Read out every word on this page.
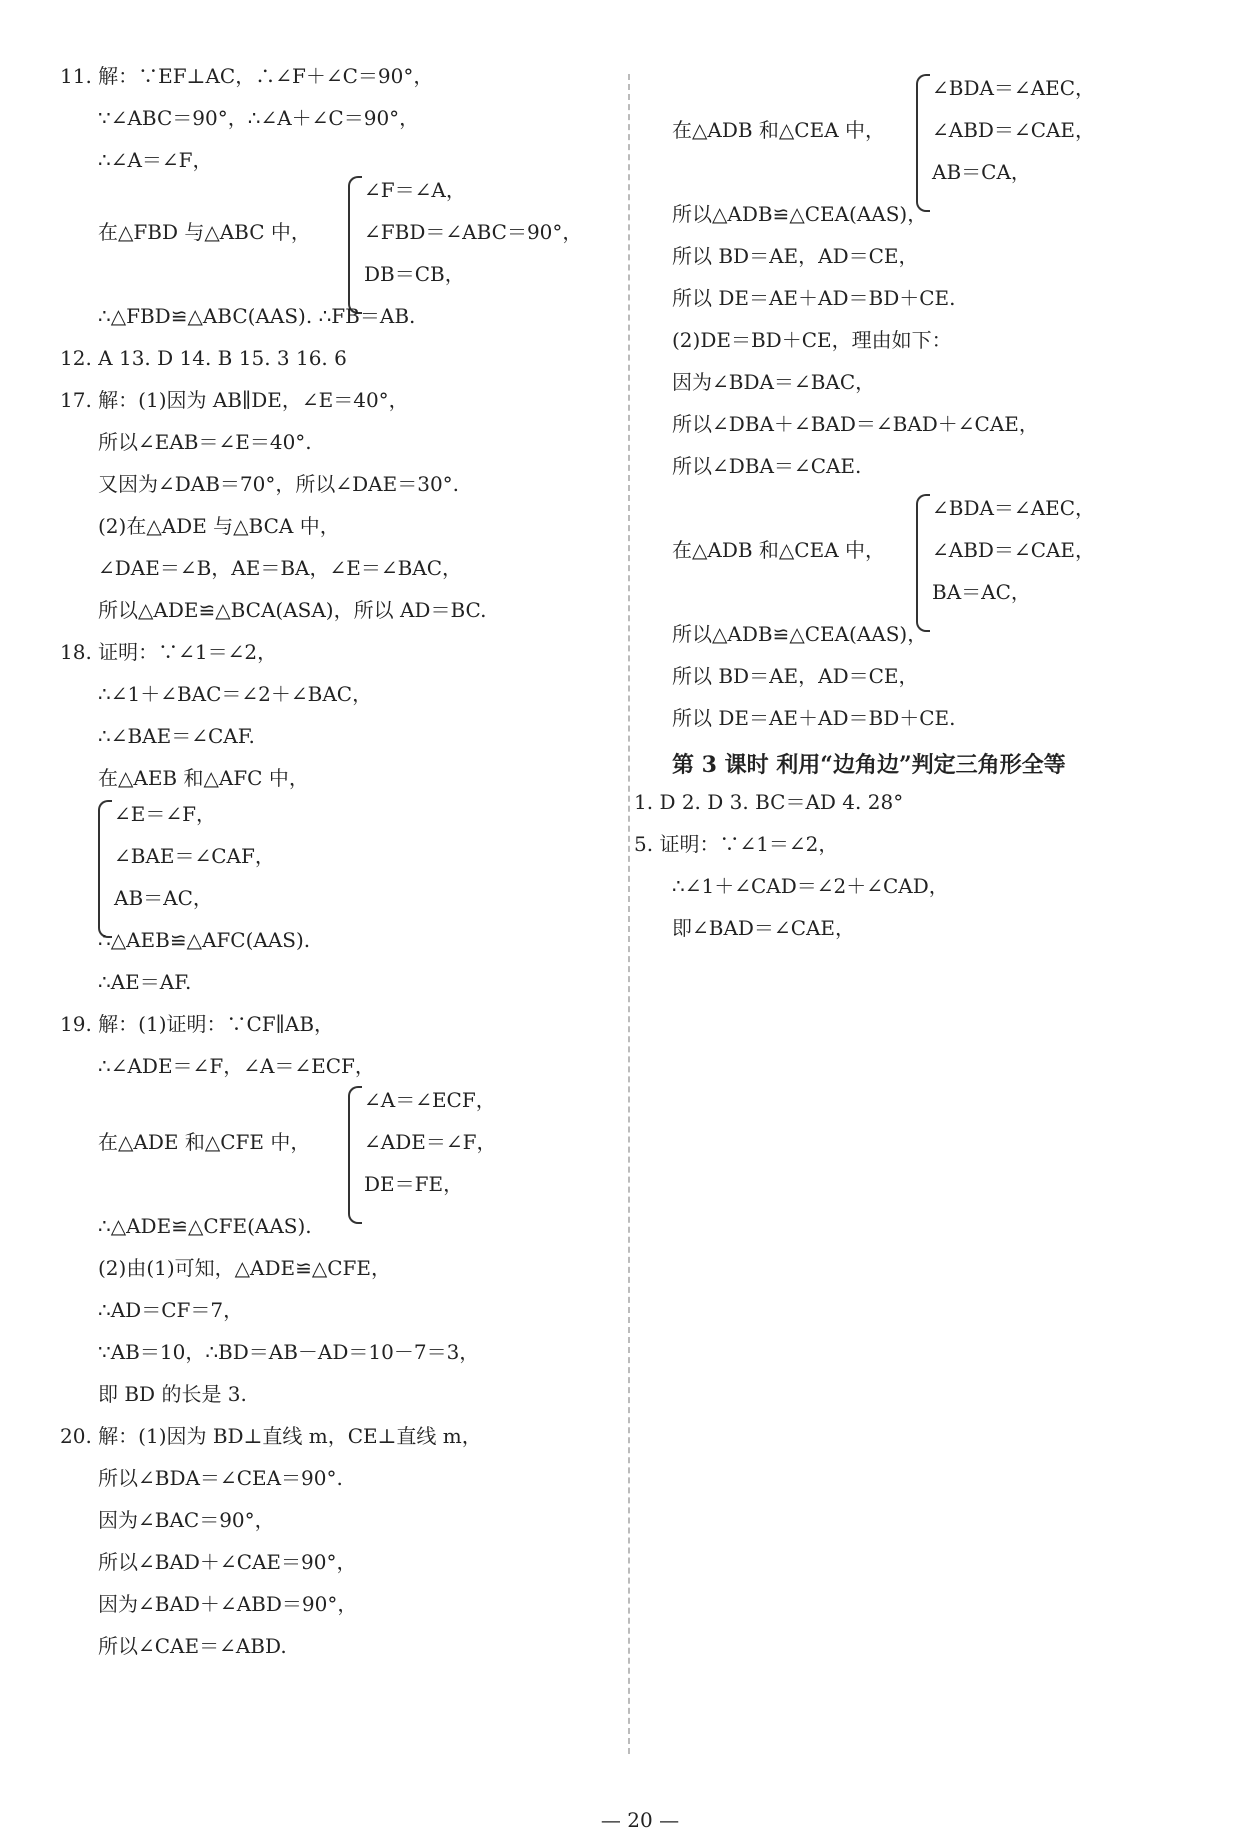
11. 解：∵EF⊥AC，∴∠F＋∠C＝90°，
∵∠ABC＝90°，∴∠A＋∠C＝90°，
∴∠A＝∠F，
∠F＝∠A，
在△FBD 与△ABC 中，	∠FBD＝∠ABC＝90°，
DB＝CB，
∴△FBD≌△ABC(AAS). ∴FB＝AB.
12. A 13. D 14. B 15. 3 16. 6
17. 解：(1)因为 AB∥DE，∠E＝40°，
所以∠EAB＝∠E＝40°.
又因为∠DAB＝70°，所以∠DAE＝30°.
(2)在△ADE 与△BCA 中，
∠DAE＝∠B，AE＝BA，∠E＝∠BAC，
所以△ADE≌△BCA(ASA)，所以 AD＝BC.
18. 证明：∵∠1＝∠2，
∴∠1＋∠BAC＝∠2＋∠BAC，
∴∠BAE＝∠CAF.
在△AEB 和△AFC 中，
∠E＝∠F，
∠BAE＝∠CAF，
AB＝AC，
∴△AEB≌△AFC(AAS).
∴AE＝AF.
19. 解：(1)证明：∵CF∥AB，
∴∠ADE＝∠F，∠A＝∠ECF，
∠A＝∠ECF，
在△ADE 和△CFE 中，	∠ADE＝∠F，
DE＝FE，
∴△ADE≌△CFE(AAS).
(2)由(1)可知，△ADE≌△CFE，
∴AD＝CF＝7，
∵AB＝10，∴BD＝AB－AD＝10－7＝3，
即 BD 的长是 3.
20. 解：(1)因为 BD⊥直线 m，CE⊥直线 m，
所以∠BDA＝∠CEA＝90°.
因为∠BAC＝90°，
所以∠BAD＋∠CAE＝90°，
因为∠BAD＋∠ABD＝90°，
所以∠CAE＝∠ABD.
∠BDA＝∠AEC，
在△ADB 和△CEA 中， ∠ABD＝∠CAE，
AB＝CA，
所以△ADB≌△CEA(AAS)，
所以 BD＝AE，AD＝CE，
所以 DE＝AE＋AD＝BD＋CE.
(2)DE＝BD＋CE，理由如下：
因为∠BDA＝∠BAC，
所以∠DBA＋∠BAD＝∠BAD＋∠CAE，
所以∠DBA＝∠CAE.
∠BDA＝∠AEC，
在△ADB 和△CEA 中， ∠ABD＝∠CAE，
BA＝AC，
所以△ADB≌△CEA(AAS)，
所以 BD＝AE，AD＝CE，
所以 DE＝AE＋AD＝BD＋CE.
第 3 课时 利用“边角边”判定三角形全等
1. D 2. D 3. BC＝AD 4. 28°
5. 证明：∵∠1＝∠2，
∴∠1＋∠CAD＝∠2＋∠CAD，
即∠BAD＝∠CAE，
— 20 —
